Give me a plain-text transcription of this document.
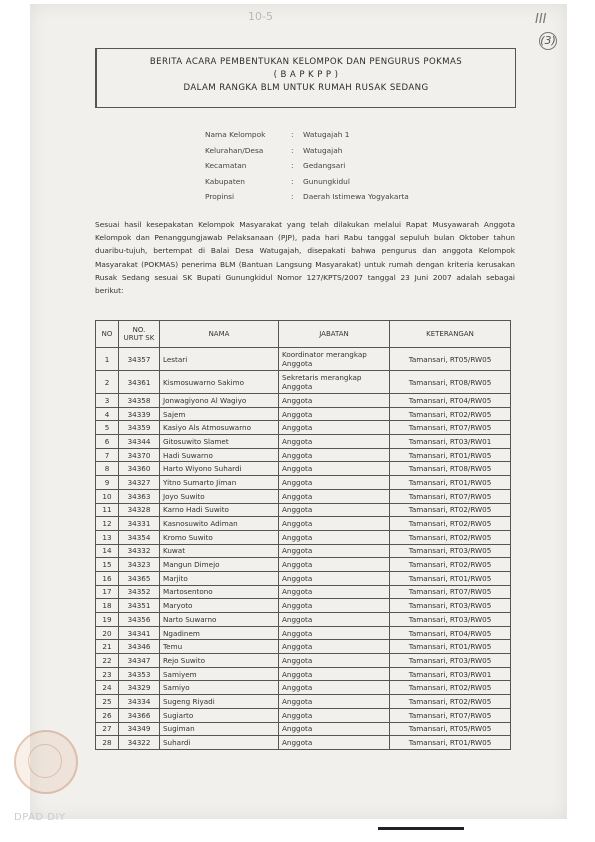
10-5	III
(3)
BERITA ACARA PEMBENTUKAN KELOMPOK DAN PENGURUS POKMAS
( B A P K P P )
DALAM RANGKA BLM UNTUK RUMAH RUSAK SEDANG
Nama Kelompok	:	Watugajah 1
Kelurahan/Desa	:	Watugajah
Kecamatan	:	Gedangsari
Kabupaten	:	Gunungkidul
Propinsi	:	Daerah Istimewa Yogyakarta
Sesuai hasil kesepakatan Kelompok Masyarakat yang telah dilakukan melalui Rapat Musyawarah Anggota Kelompok dan Penanggungjawab Pelaksanaan (PJP), pada hari Rabu tanggal sepuluh bulan Oktober tahun duaribu-tujuh, bertempat di Balai Desa Watugajah, disepakati bahwa pengurus dan anggota Kelompok Masyarakat (POKMAS) penerima BLM (Bantuan Langsung Masyarakat) untuk rumah dengan kriteria kerusakan Rusak Sedang sesuai SK Bupati Gunungkidul Nomor 127/KPTS/2007 tanggal 23 Juni 2007 adalah sebagai berikut:
NO	NO. URUT SK	NAMA	JABATAN	KETERANGAN

1	34357	Lestari	Koordinator merangkap Anggota	Tamansari, RT05/RW05

2	34361	Kismosuwarno Sakimo	Sekretaris merangkap Anggota	Tamansari, RT08/RW05

3	34358	Jonwagiyono Al Wagiyo	Anggota	Tamansari, RT04/RW05

4	34339	Sajem	Anggota	Tamansari, RT02/RW05

5	34359	Kasiyo Als Atmosuwarno	Anggota	Tamansari, RT07/RW05

6	34344	Gitosuwito Slamet	Anggota	Tamansari, RT03/RW01

7	34370	Hadi Suwarno	Anggota	Tamansari, RT01/RW05

8	34360	Harto Wiyono Suhardi	Anggota	Tamansari, RT08/RW05

9	34327	Yitno Sumarto Jiman	Anggota	Tamansari, RT01/RW05

10	34363	Joyo Suwito	Anggota	Tamansari, RT07/RW05

11	34328	Karno Hadi Suwito	Anggota	Tamansari, RT02/RW05

12	34331	Kasnosuwito Adiman	Anggota	Tamansari, RT02/RW05

13	34354	Kromo Suwito	Anggota	Tamansari, RT02/RW05

14	34332	Kuwat	Anggota	Tamansari, RT03/RW05

15	34323	Mangun Dimejo	Anggota	Tamansari, RT02/RW05

16	34365	Marjito	Anggota	Tamansari, RT01/RW05

17	34352	Martosentono	Anggota	Tamansari, RT07/RW05

18	34351	Maryoto	Anggota	Tamansari, RT03/RW05

19	34356	Narto Suwarno	Anggota	Tamansari, RT03/RW05

20	34341	Ngadinem	Anggota	Tamansari, RT04/RW05

21	34346	Temu	Anggota	Tamansari, RT01/RW05

22	34347	Rejo Suwito	Anggota	Tamansari, RT03/RW05

23	34353	Samiyem	Anggota	Tamansari, RT03/RW01

24	34329	Samiyo	Anggota	Tamansari, RT02/RW05

25	34334	Sugeng Riyadi	Anggota	Tamansari, RT02/RW05

26	34366	Sugiarto	Anggota	Tamansari, RT07/RW05

27	34349	Sugiman	Anggota	Tamansari, RT05/RW05

28	34322	Suhardi	Anggota	Tamansari, RT01/RW05
DPAD DIY
